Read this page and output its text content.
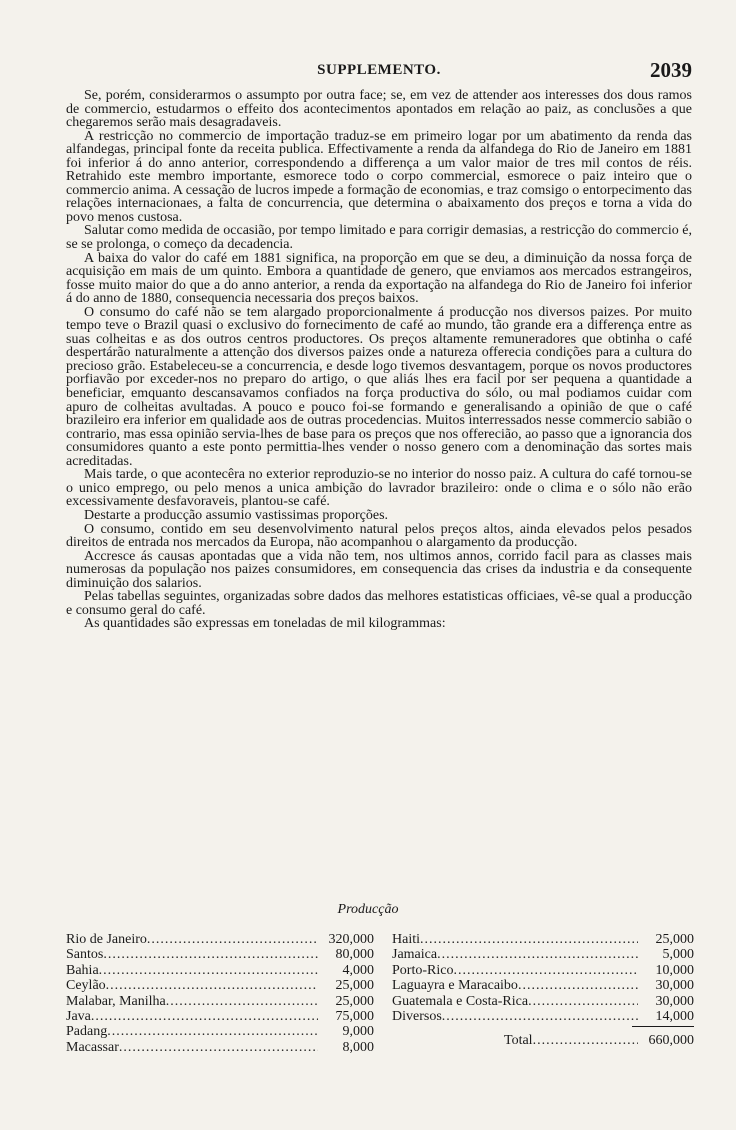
SUPPLEMENTO.	2039

Se, porém, considerarmos o assumpto por outra face; se, em vez de attender aos interesses dos dous ramos de commercio, estudarmos o effeito dos acontecimentos apontados em relação ao paiz, as conclusões a que chegaremos serão mais desagradaveis.

A restricção no commercio de importação traduz-se em primeiro logar por um abatimento da renda das alfandegas, principal fonte da receita publica. Effectivamente a renda da alfandega do Rio de Janeiro em 1881 foi inferior á do anno anterior, correspondendo a differença a um valor maior de tres mil contos de réis. Retrahido este membro importante, esmorece todo o corpo commercial, esmorece o paiz inteiro que o commercio anima. A cessação de lucros impede a formação de economias, e traz comsigo o entorpecimento das relações internacionaes, a falta de concurrencia, que determina o abaixamento dos preços e torna a vida do povo menos custosa.

Salutar como medida de occasião, por tempo limitado e para corrigir demasias, a restricção do commercio é, se se prolonga, o começo da decadencia.

A baixa do valor do café em 1881 significa, na proporção em que se deu, a diminuição da nossa força de acquisição em mais de um quinto. Embora a quantidade de genero, que enviamos aos mercados estrangeiros, fosse muito maior do que a do anno anterior, a renda da exportação na alfandega do Rio de Janeiro foi inferior á do anno de 1880, consequencia necessaria dos preços baixos.

O consumo do café não se tem alargado proporcionalmente á producção nos diversos paizes. Por muito tempo teve o Brazil quasi o exclusivo do fornecimento de café ao mundo, tão grande era a differença entre as suas colheitas e as dos outros centros productores. Os preços altamente remuneradores que obtinha o café despertárão naturalmente a attenção dos diversos paizes onde a natureza offerecia condições para a cultura do precioso grão. Estabeleceu-se a concurrencia, e desde logo tivemos desvantagem, porque os novos productores porfiavão por exceder-nos no preparo do artigo, o que aliás lhes era facil por ser pequena a quantidade a beneficiar, emquanto descansavamos confiados na força productiva do sólo, ou mal podiamos cuidar com apuro de colheitas avultadas. A pouco e pouco foi-se formando e generalisando a opinião de que o café brazileiro era inferior em qualidade aos de outras procedencias. Muitos interressados nesse commercio sabião o contrario, mas essa opinião servia-lhes de base para os preços que nos offerecião, ao passo que a ignorancia dos consumidores quanto a este ponto permittia-lhes vender o nosso genero com a denominação das sortes mais acreditadas.

Mais tarde, o que acontecêra no exterior reproduzio-se no interior do nosso paiz. A cultura do café tornou-se o unico emprego, ou pelo menos a unica ambição do lavrador brazileiro: onde o clima e o sólo não erão excessivamente desfavoraveis, plantou-se café.

Destarte a producção assumio vastissimas proporções.

O consumo, contido em seu desenvolvimento natural pelos preços altos, ainda elevados pelos pesados direitos de entrada nos mercados da Europa, não acompanhou o alargamento da producção.

Accresce ás causas apontadas que a vida não tem, nos ultimos annos, corrido facil para as classes mais numerosas da população nos paizes consumidores, em consequencia das crises da industria e da consequente diminuição dos salarios.

Pelas tabellas seguintes, organizadas sobre dados das melhores estatisticas officiaes, vê-se qual a producção e consumo geral do café.

As quantidades são expressas em toneladas de mil kilogrammas:

Producção
Rio de Janeiro .....	320,000
Santos .....	80,000
Bahia .....	4,000
Ceylão .....	25,000
Malabar, Manilha .....	25,000
Java .....	75,000
Padang .....	9,000
Macassar .....	8,000
Haiti .....	25,000
Jamaica .....	5,000
Porto-Rico .....	10,000
Laguayra e Maracaibo .....	30,000
Guatemala e Costa-Rica .....	30,000
Diversos .....	14,000
Total .....	660,000
